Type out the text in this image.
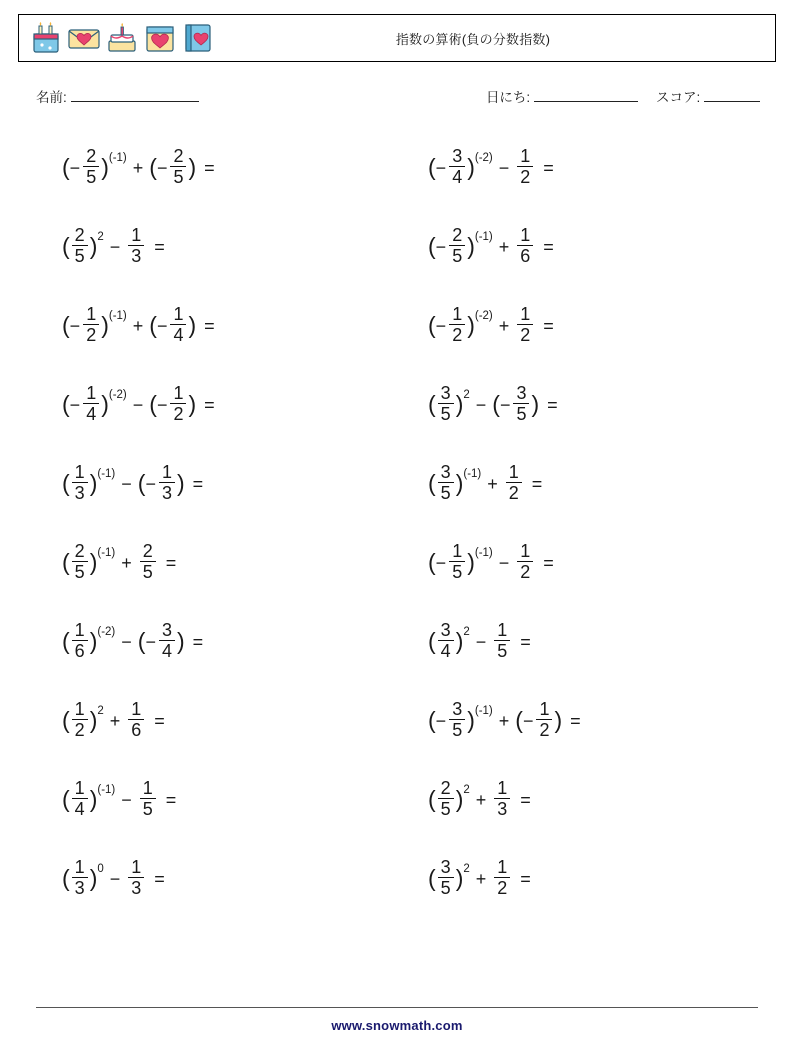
指数の算術(負の分数指数)
名前:	日にち:	スコア:
( − $\frac{2}{5}$ ) (-1) + ( − $\frac{2}{5}$ ) =	( − $\frac{3}{4}$ ) $(-2) - \frac{1}{2}$ =
( $\frac{2}{5}$ ) $2 - \frac{1}{3}$ =	( − $\frac{2}{5}$ ) $(-1) + \frac{1}{6}$ =
( − $\frac{1}{2}$ ) (-1) + ( − $\frac{1}{4}$ ) =	( − $\frac{1}{2}$ ) $(-2) + \frac{1}{2}$ =
( − $\frac{1}{4}$ ) (-2) − ( − $\frac{1}{2}$ ) =	( $\frac{3}{5}$ ) 2 − ( − $\frac{3}{5}$ ) =
( $\frac{1}{3}$ ) (-1) − ( − $\frac{1}{3}$ ) =	( $\frac{3}{5}$ ) $(-1) + \frac{1}{2}$ =
( $\frac{2}{5}$ ) $(-1) + \frac{2}{5}$ =	( − $\frac{1}{5}$ ) $(-1) - \frac{1}{2}$ =
( $\frac{1}{6}$ ) (-2) − ( − $\frac{3}{4}$ ) =	( $\frac{3}{4}$ ) $2 - \frac{1}{5}$ =
( $\frac{1}{2}$ ) $2 + \frac{1}{6}$ =	( − $\frac{3}{5}$ ) (-1) + ( − $\frac{1}{2}$ ) =
( $\frac{1}{4}$ ) $(-1) - \frac{1}{5}$ =	( $\frac{2}{5}$ ) $2 + \frac{1}{3}$ =
( $\frac{1}{3}$ ) $0 - \frac{1}{3}$ =	( $\frac{3}{5}$ ) $2 + \frac{1}{2}$ =
www.snowmath.com
